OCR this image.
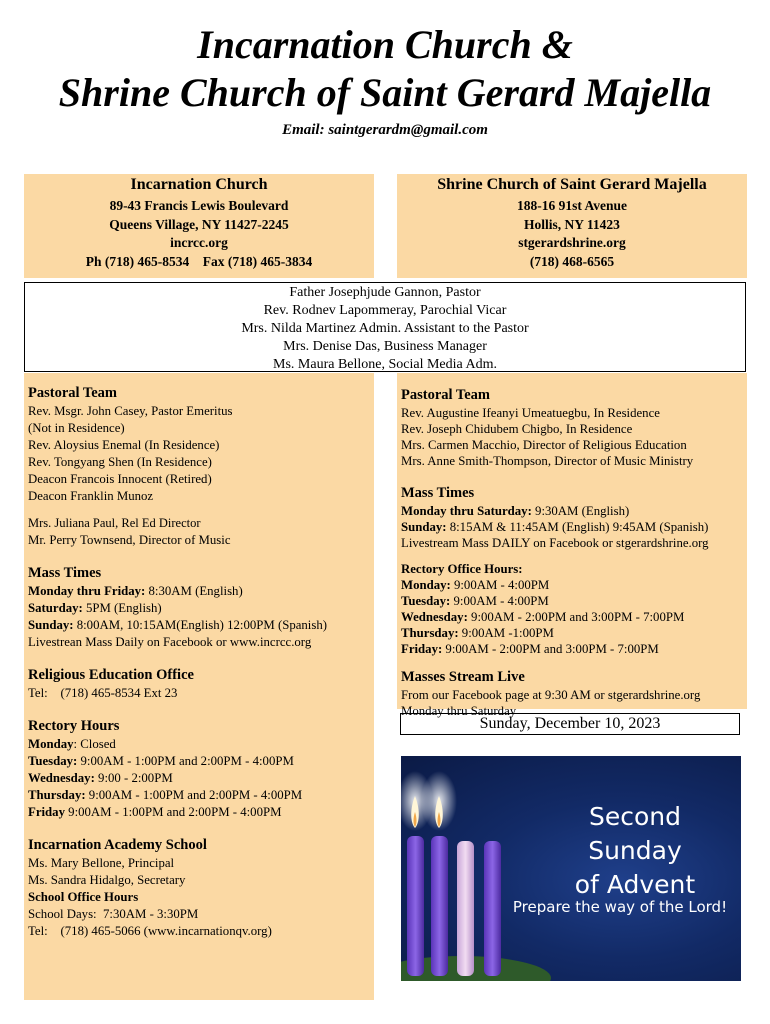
Incarnation Church &
Shrine Church of Saint Gerard Majella
Email: saintgerardm@gmail.com
Incarnation Church
89-43 Francis Lewis Boulevard
Queens Village, NY 11427-2245
incrcc.org
Ph (718) 465-8534    Fax (718) 465-3834
Shrine Church of Saint Gerard Majella
188-16 91st Avenue
Hollis, NY 11423
stgerardshrine.org
(718) 468-6565
Father Josephjude Gannon, Pastor
Rev. Rodnev Lapommeray, Parochial Vicar
Mrs. Nilda Martinez Admin. Assistant to the Pastor
Mrs. Denise Das, Business Manager
Ms. Maura Bellone, Social Media Adm.
Pastoral Team
Rev. Msgr. John Casey, Pastor Emeritus
(Not in Residence)
Rev. Aloysius Enemal (In Residence)
Rev. Tongyang Shen (In Residence)
Deacon Francois Innocent (Retired)
Deacon Franklin Munoz
Mrs. Juliana Paul, Rel Ed Director
Mr. Perry Townsend, Director of Music
Mass Times
Monday thru Friday: 8:30AM (English)
Saturday: 5PM (English)
Sunday: 8:00AM, 10:15AM(English) 12:00PM (Spanish)
Livestrean Mass Daily on Facebook or www.incrcc.org
Religious Education Office
Tel:    (718) 465-8534 Ext 23
Rectory Hours
Monday: Closed
Tuesday: 9:00AM - 1:00PM and 2:00PM - 4:00PM
Wednesday: 9:00 - 2:00PM
Thursday: 9:00AM - 1:00PM and 2:00PM - 4:00PM
Friday 9:00AM - 1:00PM and 2:00PM - 4:00PM
Incarnation Academy School
Ms. Mary Bellone, Principal
Ms. Sandra Hidalgo, Secretary
School Office Hours
School Days:  7:30AM - 3:30PM
Tel:    (718) 465-5066 (www.incarnationqv.org)
Pastoral Team
Rev. Augustine Ifeanyi Umeatuegbu, In Residence
Rev. Joseph Chidubem Chigbo, In Residence
Mrs. Carmen Macchio, Director of Religious Education
Mrs. Anne Smith-Thompson, Director of Music Ministry
Mass Times
Monday thru Saturday: 9:30AM (English)
Sunday: 8:15AM & 11:45AM (English) 9:45AM (Spanish)
Livestream Mass DAILY on Facebook or stgerardshrine.org
Rectory Office Hours:
Monday: 9:00AM - 4:00PM
Tuesday: 9:00AM - 4:00PM
Wednesday: 9:00AM - 2:00PM and 3:00PM - 7:00PM
Thursday: 9:00AM -1:00PM
Friday: 9:00AM - 2:00PM and 3:00PM - 7:00PM
Masses Stream Live
From our Facebook page at 9:30 AM or stgerardshrine.org
Monday thru Saturday
Sunday, December 10, 2023
Second Sunday
of Advent
Prepare the way of the Lord!
